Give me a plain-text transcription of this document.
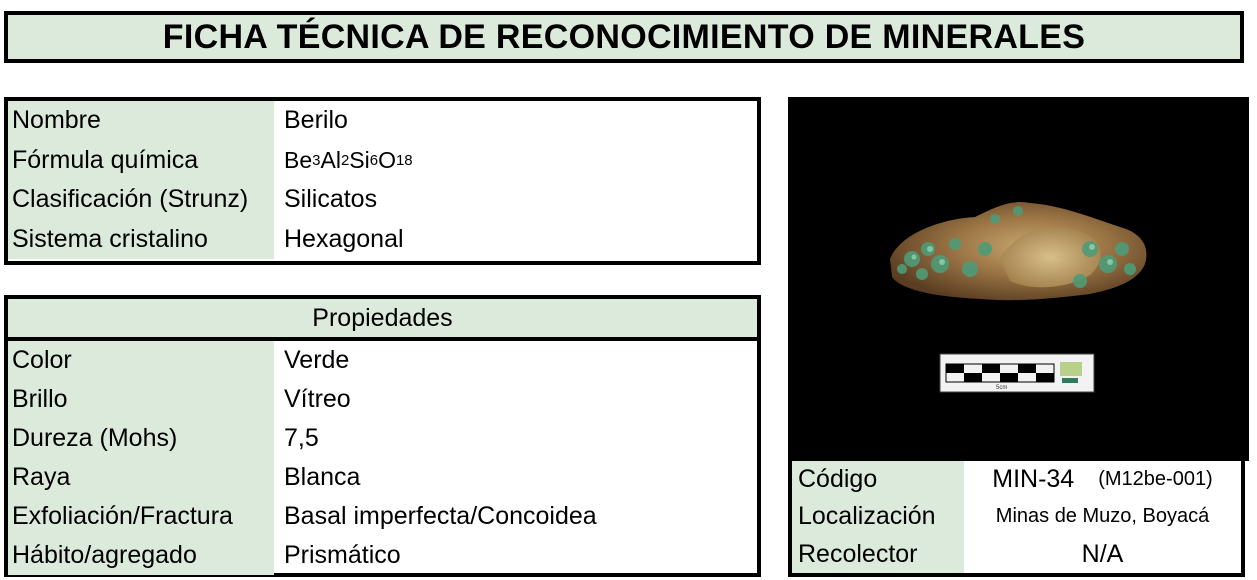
FICHA TÉCNICA DE RECONOCIMIENTO DE MINERALES
Nombre	Berilo
Fórmula química	Be 3 Al 2 Si 6 O 18
Clasificación (Strunz)	Silicatos
Sistema cristalino	Hexagonal
Propiedades
Color	Verde
Brillo	Vítreo
Dureza (Mohs)	7,5
Raya	Blanca
Exfoliación/Fractura	Basal imperfecta/Concoidea
Hábito/agregado	Prismático
5cm
Código	MIN-34 (M12be-001)
Localización	Minas de Muzo, Boyacá
Recolector	N/A
